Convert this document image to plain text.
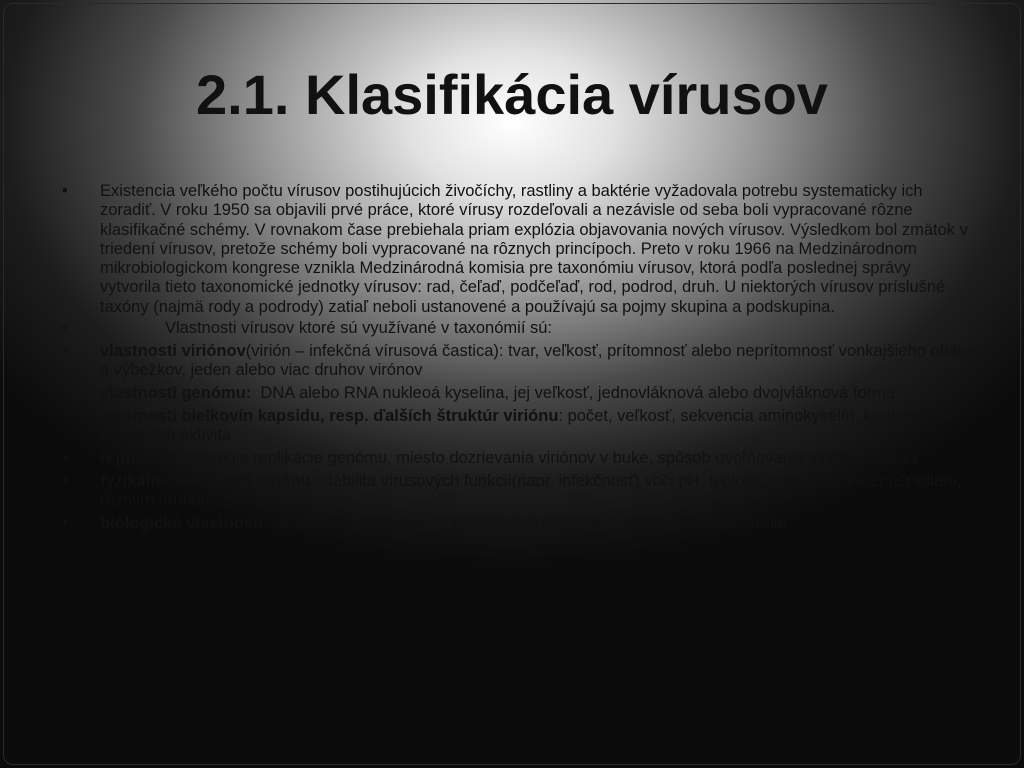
2.1. Klasifikácia vírusov
•	Existencia veľkého počtu vírusov postihujúcich živočíchy, rastliny a baktérie vyžadovala potrebu systematicky ich zoradiť. V roku 1950 sa objavili prvé práce, ktoré vírusy rozdeľovali a nezávisle od seba boli vypracované rôzne klasifikačné schémy. V rovnakom čase prebiehala priam explózia objavovania nových vírusov. Výsledkom bol zmätok v triedení vírusov, pretože schémy boli vypracované na rôznych princípoch. Preto v roku 1966 na Medzinárodnom mikrobiologickom kongrese vznikla Medzinárodná komisia pre taxonómiu vírusov, ktorá podľa poslednej správy vytvorila tieto taxonomické jednotky vírusov: rad, čeľaď, podčeľaď, rod, podrod, druh. U niektorých vírusov príslušné taxóny (najmä rody a podrody) zatiaľ neboli ustanovené a používajú sa pojmy skupina a podskupina.
•	Vlastnosti vírusov ktoré sú využívané v taxonómií sú:
•	vlastnosti viriónov(virión – infekčná vírusová častica): tvar, veľkosť, prítomnosť alebo neprítomnosť vonkajšieho obalu a výbežkov, jeden alebo viac druhov virónov
•	vlastnosti genómu:  DNA alebo RNA nukleoá kyselina, jej veľkosť, jednovláknová alebo dvojvláknová forma
•	vlastnosti bielkovín kapsidu, resp. ďalších štruktúr viriónu: počet, veľkosť, sekvencia aminokyselín, konformácia, enzýmová aktivita
•	replikácia: stratégia replikácie genómu, miesto dozrievania viriónov v buke, spôsob uvoľňovania viriónu z bunky
•	fyzikálne vlastnosti viriónu: stabilita vírusových funkcií(napr. infekčnosť) voči pH, teplote, organickým rozpúšťadlám, rôznym druhom žiarenia
•	biologické vlastnosti: okruh hostiteľov, prenos prenášačmi (vektormi), geografické rozšírenie
